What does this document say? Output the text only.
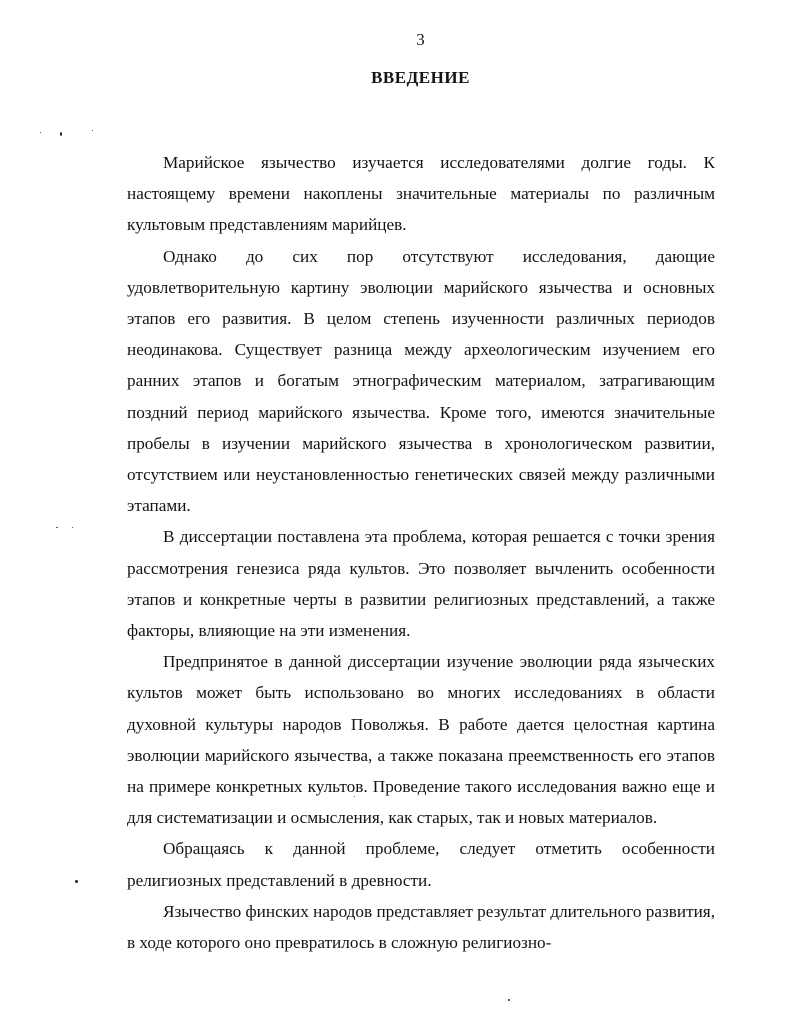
3
ВВЕДЕНИЕ

Марийское язычество изучается исследователями долгие годы. К настоящему времени накоплены значительные материалы по различным культовым представлениям марийцев.

Однако до сих пор отсутствуют исследования, дающие удовлетворительную картину эволюции марийского язычества и основных этапов его развития. В целом степень изученности различных периодов неодинакова. Существует разница между археологическим изучением его ранних этапов и богатым этнографическим материалом, затрагивающим поздний период марийского язычества. Кроме того, имеются значительные пробелы в изучении марийского язычества в хронологическом развитии, отсутствием или неустановленностью генетических связей между различными этапами.

В диссертации поставлена эта проблема, которая решается с точки зрения рассмотрения генезиса ряда культов. Это позволяет вычленить особенности этапов и конкретные черты в развитии религиозных представлений, а также факторы, влияющие на эти изменения.

Предпринятое в данной диссертации изучение эволюции ряда языческих культов может быть использовано во многих исследованиях в области духовной культуры народов Поволжья. В работе дается целостная картина эволюции марийского язычества, а также показана преемственность его этапов на примере конкретных культов. Проведение такого исследования важно еще и для систематизации и осмысления, как старых, так и новых материалов.

Обращаясь к данной проблеме, следует отметить особенности религиозных представлений в древности.

Язычество финских народов представляет результат длительного развития, в ходе которого оно превратилось в сложную религиозно-
